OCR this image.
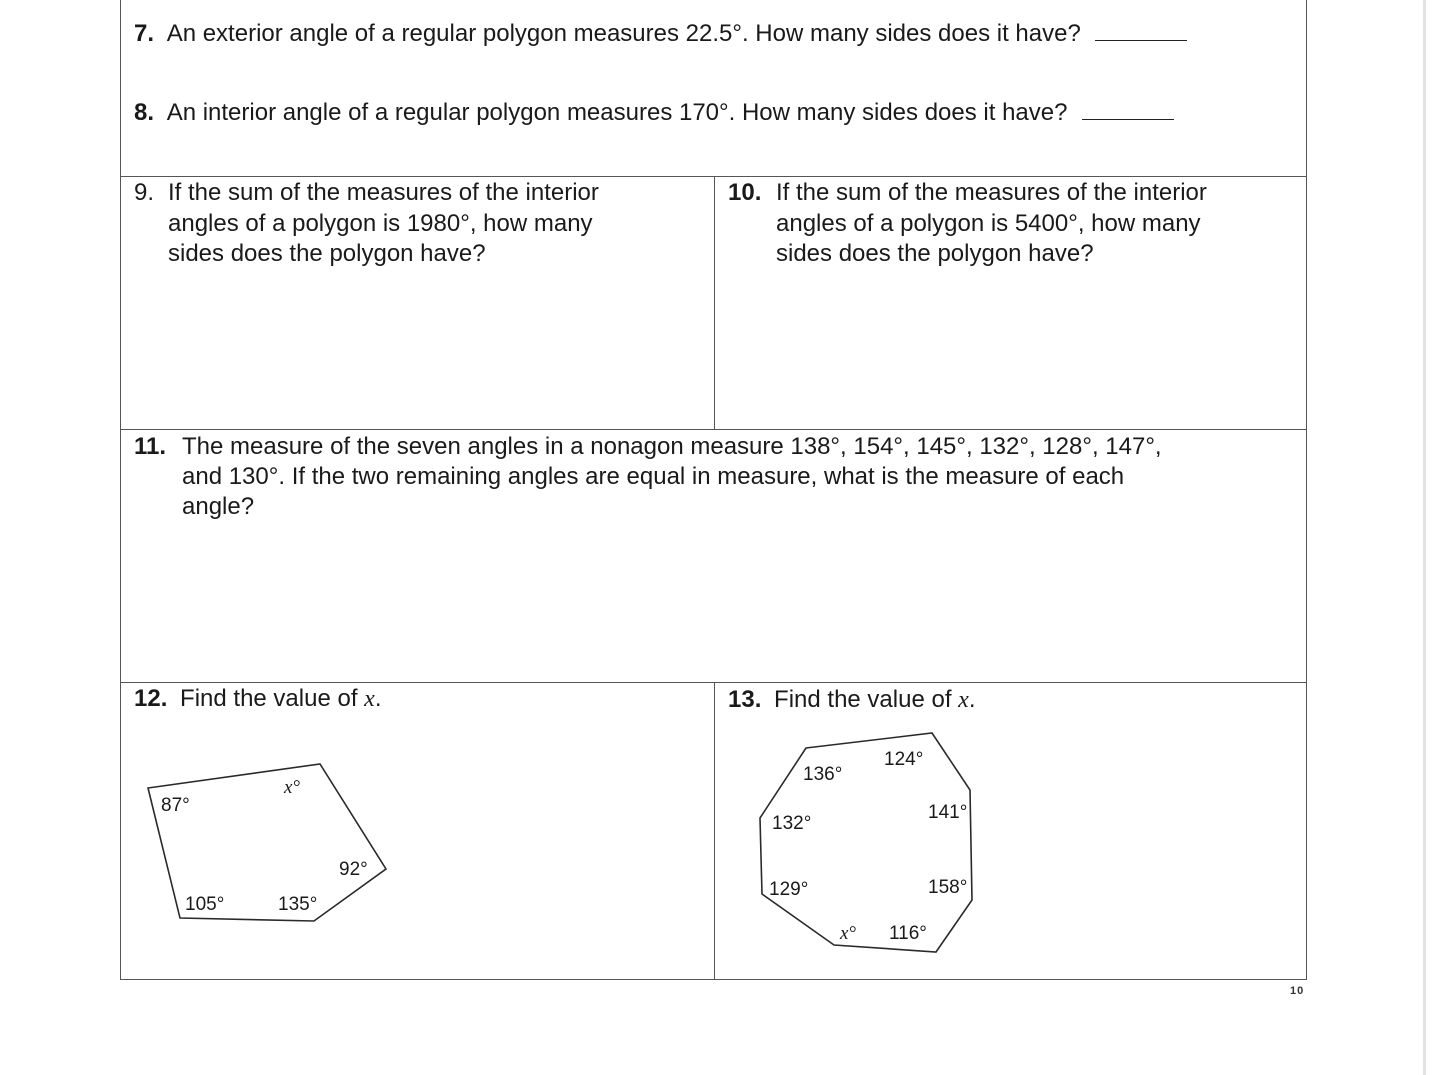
7. An exterior angle of a regular polygon measures 22.5°. How many sides does it have?
8. An interior angle of a regular polygon measures 170°. How many sides does it have?
9. If the sum of the measures of the interior
angles of a polygon is 1980°, how many
sides does the polygon have?
10. If the sum of the measures of the interior
angles of a polygon is 5400°, how many
sides does the polygon have?
11. The measure of the seven angles in a nonagon measure 138°, 154°, 145°, 132°, 128°, 147°,
and 130°. If the two remaining angles are equal in measure, what is the measure of each
angle?
12. Find the value of x.	13. Find the value of x.
87°
x°
92°
135°
105°
136°
124°
141°
158°
116°
x°
129°
132°
10
